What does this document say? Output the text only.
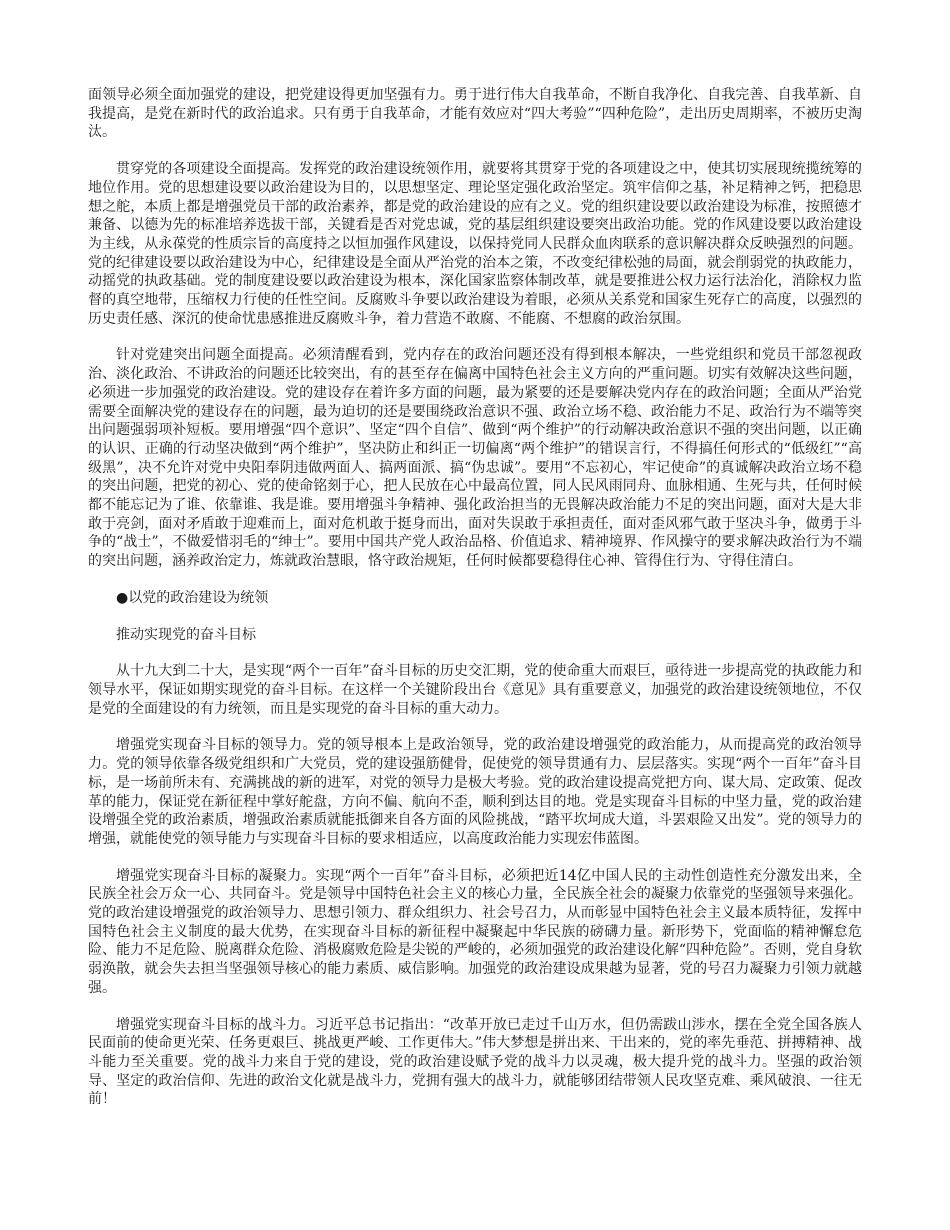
面领导必须全面加强党的建设，把党建设得更加坚强有力。勇于进行伟大自我革命，不断自我净化、自我完善、自我革新、自我提高，是党在新时代的政治追求。只有勇于自我革命，才能有效应对“四大考验”“四种危险”，走出历史周期率，不被历史淘汰。

贯穿党的各项建设全面提高。发挥党的政治建设统领作用，就要将其贯穿于党的各项建设之中，使其切实展现统揽统筹的地位作用。党的思想建设要以政治建设为目的，以思想坚定、理论坚定强化政治坚定。筑牢信仰之基，补足精神之钙，把稳思想之舵，本质上都是增强党员干部的政治素养，都是党的政治建设的应有之义。党的组织建设要以政治建设为标准，按照德才兼备、以德为先的标准培养选拔干部，关键看是否对党忠诚，党的基层组织建设要突出政治功能。党的作风建设要以政治建设为主线，从永葆党的性质宗旨的高度持之以恒加强作风建设，以保持党同人民群众血肉联系的意识解决群众反映强烈的问题。党的纪律建设要以政治建设为中心，纪律建设是全面从严治党的治本之策，不改变纪律松弛的局面，就会削弱党的执政能力，动摇党的执政基础。党的制度建设要以政治建设为根本，深化国家监察体制改革，就是要推进公权力运行法治化，消除权力监督的真空地带，压缩权力行使的任性空间。反腐败斗争要以政治建设为着眼，必须从关系党和国家生死存亡的高度，以强烈的历史责任感、深沉的使命忧患感推进反腐败斗争，着力营造不敢腐、不能腐、不想腐的政治氛围。

针对党建突出问题全面提高。必须清醒看到，党内存在的政治问题还没有得到根本解决，一些党组织和党员干部忽视政治、淡化政治、不讲政治的问题还比较突出，有的甚至存在偏离中国特色社会主义方向的严重问题。切实有效解决这些问题，必须进一步加强党的政治建设。党的建设存在着许多方面的问题，最为紧要的还是要解决党内存在的政治问题；全面从严治党需要全面解决党的建设存在的问题，最为迫切的还是要围绕政治意识不强、政治立场不稳、政治能力不足、政治行为不端等突出问题强弱项补短板。要用增强“四个意识”、坚定“四个自信”、做到“两个维护”的行动解决政治意识不强的突出问题，以正确的认识、正确的行动坚决做到“两个维护”，坚决防止和纠正一切偏离“两个维护”的错误言行，不得搞任何形式的“低级红”“高级黑”，决不允许对党中央阳奉阴违做两面人、搞两面派、搞“伪忠诚”。要用“不忘初心，牢记使命”的真诚解决政治立场不稳的突出问题，把党的初心、党的使命铭刻于心，把人民放在心中最高位置，同人民风雨同舟、血脉相通、生死与共，任何时候都不能忘记为了谁、依靠谁、我是谁。要用增强斗争精神、强化政治担当的无畏解决政治能力不足的突出问题，面对大是大非敢于亮剑，面对矛盾敢于迎难而上，面对危机敢于挺身而出，面对失误敢于承担责任，面对歪风邪气敢于坚决斗争，做勇于斗争的“战士”，不做爱惜羽毛的“绅士”。要用中国共产党人政治品格、价值追求、精神境界、作风操守的要求解决政治行为不端的突出问题，涵养政治定力，炼就政治慧眼，恪守政治规矩，任何时候都要稳得住心神、管得住行为、守得住清白。

●以党的政治建设为统领

推动实现党的奋斗目标

从十九大到二十大，是实现“两个一百年”奋斗目标的历史交汇期，党的使命重大而艰巨，亟待进一步提高党的执政能力和领导水平，保证如期实现党的奋斗目标。在这样一个关键阶段出台《意见》具有重要意义，加强党的政治建设统领地位，不仅是党的全面建设的有力统领，而且是实现党的奋斗目标的重大动力。

增强党实现奋斗目标的领导力。党的领导根本上是政治领导，党的政治建设增强党的政治能力，从而提高党的政治领导力。党的领导依靠各级党组织和广大党员，党的建设强筋健骨，促使党的领导贯通有力、层层落实。实现“两个一百年”奋斗目标，是一场前所未有、充满挑战的新的进军，对党的领导力是极大考验。党的政治建设提高党把方向、谋大局、定政策、促改革的能力，保证党在新征程中掌好舵盘，方向不偏、航向不歪，顺利到达目的地。党是实现奋斗目标的中坚力量，党的政治建设增强全党的政治素质，增强政治素质就能抵御来自各方面的风险挑战，“踏平坎坷成大道，斗罢艰险又出发”。党的领导力的增强，就能使党的领导能力与实现奋斗目标的要求相适应，以高度政治能力实现宏伟蓝图。

增强党实现奋斗目标的凝聚力。实现“两个一百年”奋斗目标，必须把近14亿中国人民的主动性创造性充分激发出来，全民族全社会万众一心、共同奋斗。党是领导中国特色社会主义的核心力量，全民族全社会的凝聚力依靠党的坚强领导来强化。党的政治建设增强党的政治领导力、思想引领力、群众组织力、社会号召力，从而彰显中国特色社会主义最本质特征，发挥中国特色社会主义制度的最大优势，在实现奋斗目标的新征程中凝聚起中华民族的磅礴力量。新形势下，党面临的精神懈怠危险、能力不足危险、脱离群众危险、消极腐败危险是尖锐的严峻的，必须加强党的政治建设化解“四种危险”。否则，党自身软弱涣散，就会失去担当坚强领导核心的能力素质、威信影响。加强党的政治建设成果越为显著，党的号召力凝聚力引领力就越强。

增强党实现奋斗目标的战斗力。习近平总书记指出：“改革开放已走过千山万水，但仍需跋山涉水，摆在全党全国各族人民面前的使命更光荣、任务更艰巨、挑战更严峻、工作更伟大。”伟大梦想是拼出来、干出来的，党的率先垂范、拼搏精神、战斗能力至关重要。党的战斗力来自于党的建设，党的政治建设赋予党的战斗力以灵魂，极大提升党的战斗力。坚强的政治领导、坚定的政治信仰、先进的政治文化就是战斗力，党拥有强大的战斗力，就能够团结带领人民攻坚克难、乘风破浪、一往无前！
